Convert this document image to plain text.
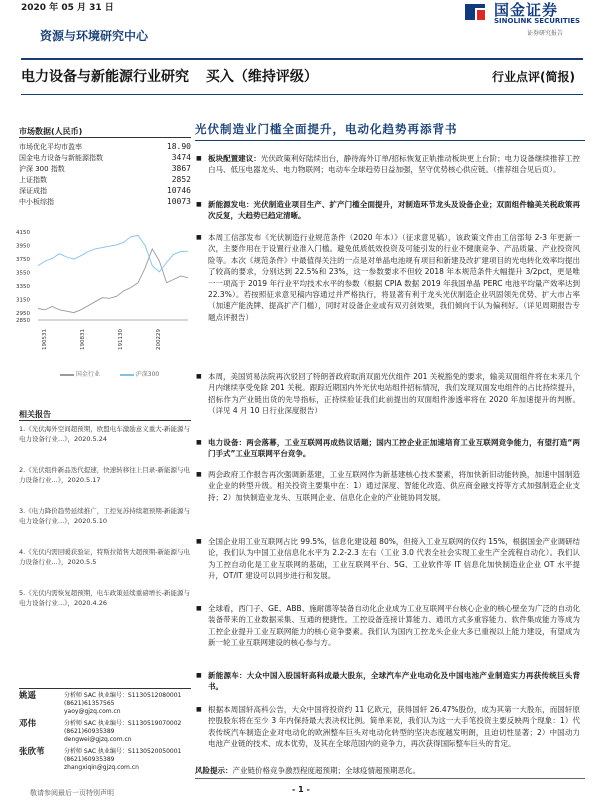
2020 年 05 月 31 日	国金证券
SINOLINK SECURITIES
证券研究报告
资源与环境研究中心
电力设备与新能源行业研究 买入（维持评级）	行业点评(简报)
市场数据(人民币)
市场优化平均市盈率	18.90
国金电力设备与新能源指数	3474
沪深 300 指数	3867
上证指数	2852
深证成指	10746
中小板综指	10073
4150
3950
3750
3550
3350
3150
2950
2850
190531	190831	191130	200229
国金行业	沪深300
相关报告
1.《光伏海外空间超预期，欧盟电车激励意义重大-新能源与电力设备行业...》，2020.5.24
2.《光伏组件新品迭代提速，快速转移往上目录-新能源与电力设备行业...》，2020.5.17
3.《电力降价趋势延续推广，工控复苏持续超预期-新能源与电力设备行业...》，2020.5.10
4.《光伏内需回暖获验证，特斯拉销售大超预期-新能源与电力设备行业...》，2020.5.5
5.《光伏内需恢复超预期，电车政策延续重磅增长-新能源与电力设备行业...》，2020.4.26
姚遥	分析师 SAC 执业编号：S1130512080001
(8621)61357565
yaoy@gjzq.com.cn
邓伟	分析师 SAC 执业编号：S1130519070002
(8621)60935389
dengwei@gjzq.com.cn
张欣苇	分析师 SAC 执业编号：S1130520050001
(8621)60935389
zhangxiqin@gjzq.com.cn
光伏制造业门槛全面提升，电动化趋势再添背书
■ 板块配置建议：光伏政策利好陆续出台，静待海外订单/招标恢复正轨推动板块更上台阶；电力设备继续推荐工控白马、低压电器龙头、电力物联网；电动车全球趋势日益加强，坚守优势核心供应链。（推荐组合见后页）。
■ 新能源发电：光伏制造业项目生产、扩产门槛全面提升，对制造环节龙头及设备企业；双面组件输美关税政策再次反复，大趋势已趋定清晰。
■ 本周工信部发布《光伏制造行业规范条件（2020 年本）》（征求意见稿），该政策文件由工信部每 2-3 年更新一次，主要作用在于设置行业准入门槛。避免低质低效投资及可能引发的行业不健康竞争、产品质量、产业投资风险等。本次《规范条件》中最值得关注的一点是对单晶电池规有项目和新建及改扩建项目的光电转化效率均提出了较高的要求，分别达到 22.5%和 23%，这一参数要求不但较 2018 年本规范条件大幅提升 3/2pct，更是唯一一项高于 2019 年行业平均技术水平的参数（根据 CPIA 数据 2019 年我国单晶 PERC 电池平均量产效率达到 22.3%）。若按照征求意见稿内容通过并严格执行，将显著有利于龙头光伏制造企业巩固领先优势、扩大市占率（加速产能洗牌、提高扩产门槛），同时对设备企业或有双刃剑效果，我们倾向于认为偏利好。（详见周期报告专题点评报告）
■ 本周，美国贸易法院再次驳回了特朗普政府取消双面光伏组件 201 关税豁免的要求，输美双面组件将在未来几个月内继续享受免除 201 关税。跟踪近期国内外光伏电站组件招标情况，我们发现双面发电组件的占比持续提升，招标作为产业链出货的先导指标，正持续验证我们此前提出的双面组件渗透率将在 2020 年加速提升的判断。（详见 4 月 10 日行业深度报告）
■ 电力设备：两会落幕，工业互联网再成热议话题；国内工控企业正加速培育工业互联网竞争能力，有望打造“两门手式”工业互联网平台竞争。
■ 两会政府工作报告再次强调新基建，工业互联网作为新基建核心技术要素，将加快新旧动能转换，加速中国制造业企业的转型升级。相关投资主要集中在：1）通过深度、智能化改造、供应商金融支持等方式加强制造企业支持；2）加快制造业龙头、互联网企业、信息化企业的产业链协同发展。
■ 全国企业用工业互联网占比 99.5%，信息化建设超 80%，但接入工业互联网的仅约 15%，根据国金产业调研结论，我们认为中国工业信息化水平为 2.2-2.3 左右（工业 3.0 代表全社会实现工业生产全流程自动化）。我们认为工控自动化是工业互联网的基础，工业互联网平台、5G、工业软件等 IT 信息化加快制造业企业 OT 水平提升，OT/IT 建设可以同步进行和发展。
■ 全球看，西门子、GE、ABB、施耐德等装备自动化企业成为工业互联网平台核心企业的核心壁垒为广泛的自动化装备带来的工业数据采集、互通的便捷性。工控设备连接计算能力、通讯方式多重容能力、软件集成能力等成为工控企业提升工业互联网能力的核心竞争要素。我们认为国内工控龙头企业大多已重视以上能力建设，有望成为新一轮工业互联网建设的核心参与方。
■ 新能源车：大众中国入股国轩高科成最大股东，全球汽车产业电动化及中国电池产业制造实力再获传统巨头背书。
■ 根据本周国轩高科公告，大众中国将投资约 11 亿欧元，获得国轩 26.47%股份，成为其第一大股东，而国轩原控股股东将在至少 3 年内保持最大表决权比例。简单来说，我们认为这一大手笔投资主要反映两个现象：1）代表传统汽车制造企业对电动化的欧洲整车巨头对电动化转型的坚决态度越发明朗，且迫切性显著；2）中国动力电池产业链的技术、成本优势，及其在全球范国内的竞争力，再次获得国际整车巨头的肯定。
风险提示：产业链价格竞争激烈程度超预期；全球疫情超预期恶化。
- 1 -
敬请参阅最后一页特别声明
